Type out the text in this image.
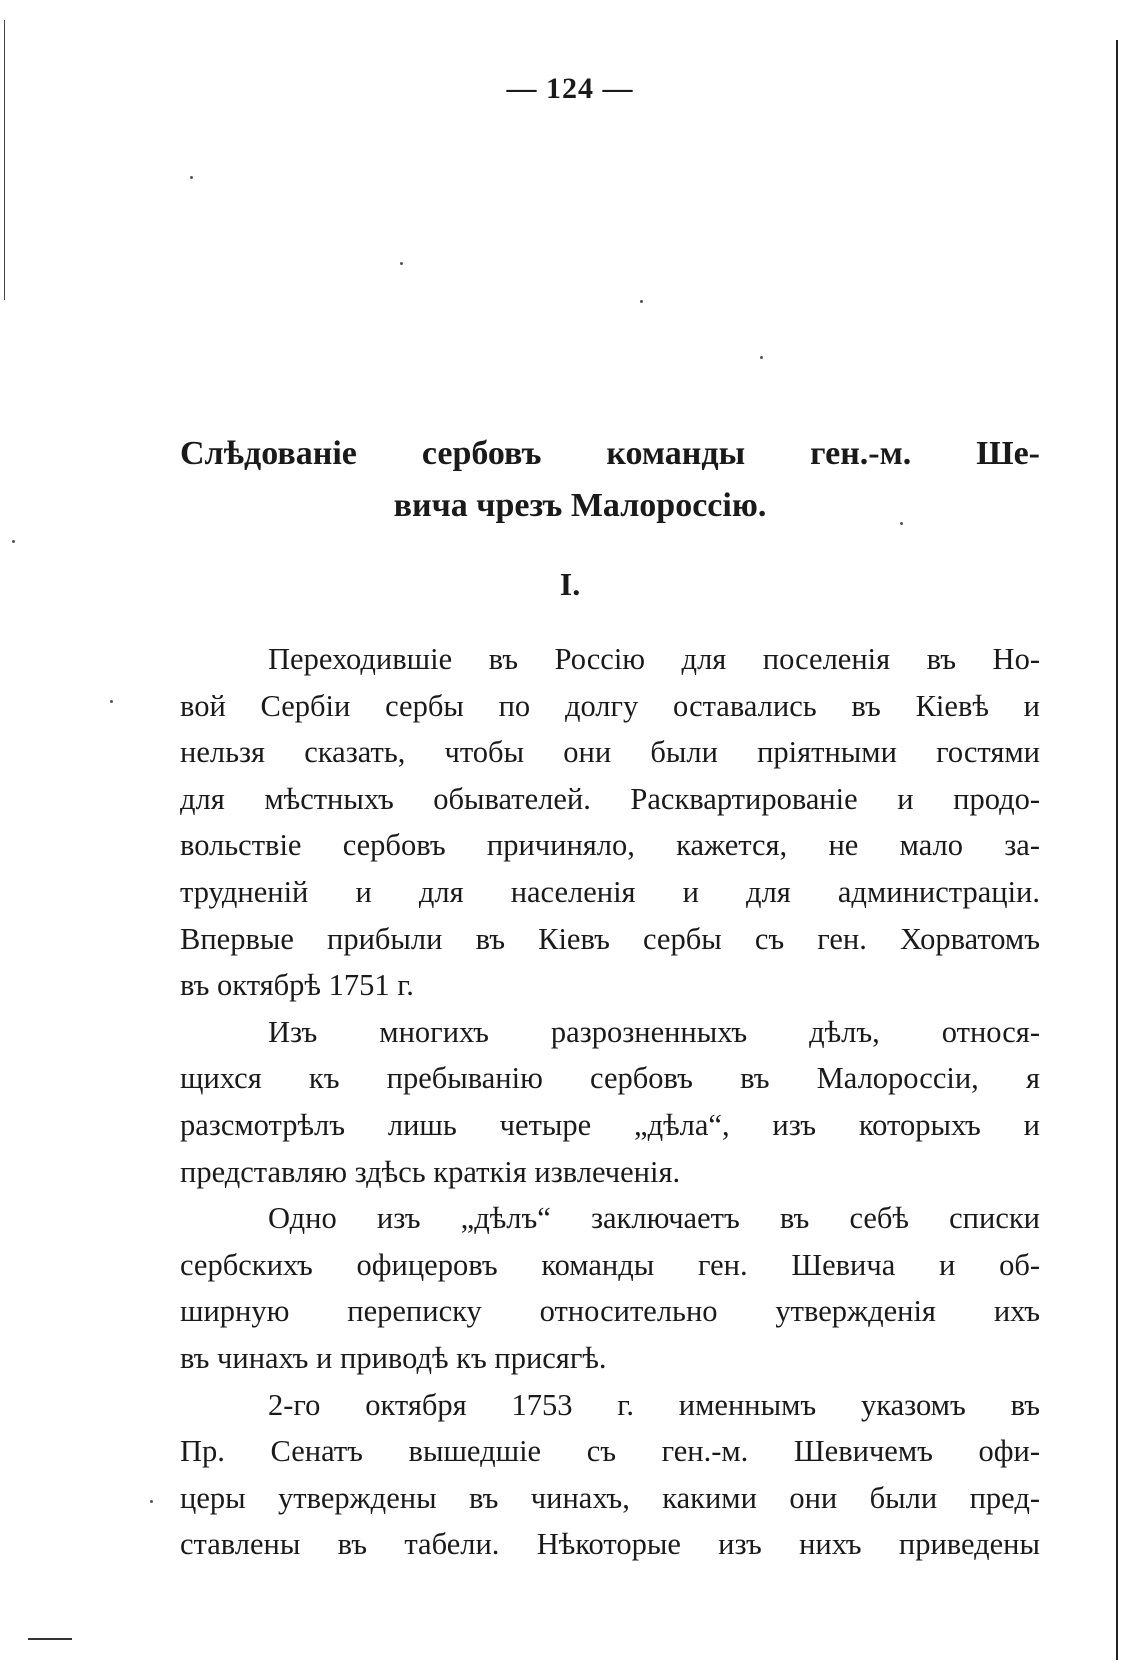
— 124 —
Слѣдованіе сербовъ команды ген.-м. Ше-
вича чрезъ Малороссію.
I.
Переходившіе въ Россію для поселенія въ Но-
вой Сербіи сербы по долгу оставались въ Кіевѣ и
нельзя сказать, чтобы они были пріятными гостями
для мѣстныхъ обывателей. Расквартированіе и продо-
вольствіе сербовъ причиняло, кажется, не мало за-
трудненій и для населенія и для администраціи.
Впервые прибыли въ Кіевъ сербы съ ген. Хорватомъ
въ октябрѣ 1751 г.
Изъ многихъ разрозненныхъ дѣлъ, относя-
щихся къ пребыванію сербовъ въ Малороссіи, я
разсмотрѣлъ лишь четыре „дѣла“, изъ которыхъ и
представляю здѣсь краткія извлеченія.
Одно изъ „дѣлъ“ заключаетъ въ себѣ списки
сербскихъ офицеровъ команды ген. Шевича и об-
ширную переписку относительно утвержденія ихъ
въ чинахъ и приводѣ къ присягѣ.
2-го октября 1753 г. именнымъ указомъ въ
Пр. Сенатъ вышедшіе съ ген.-м. Шевичемъ офи-
церы утверждены въ чинахъ, какими они были пред-
ставлены въ табели. Нѣкоторые изъ нихъ приведены
